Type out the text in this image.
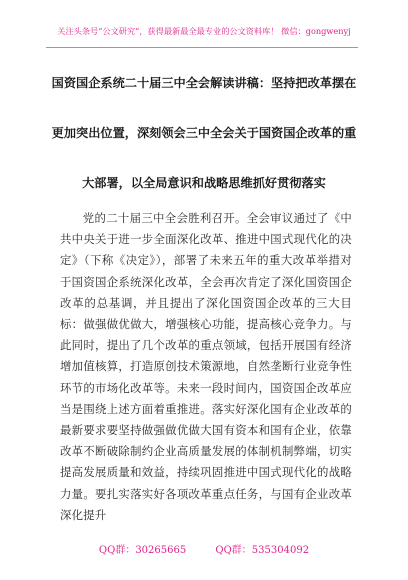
关注头条号“公文研究”，获得最新最全最专业的公文资料库！ 微信：gongwenyj
国资国企系统二十届三中全会解读讲稿：坚持把改革摆在
更加突出位置，深刻领会三中全会关于国资国企改革的重
大部署，以全局意识和战略思维抓好贯彻落实

党的二十届三中全会胜利召开。全会审议通过了《中共中央关于进一步全面深化改革、推进中国式现代化的决定》（下称《决定》），部署了未来五年的重大改革举措对于国资国企系统深化改革，全会再次肯定了深化国资国企改革的总基调，并且提出了深化国资国企改革的三大目标：做强做优做大，增强核心功能，提高核心竞争力。与此同时，提出了几个改革的重点领域，包括开展国有经济增加值核算，打造原创技术策源地，自然垄断行业竞争性环节的市场化改革等。未来一段时间内，国资国企改革应当是围绕上述方面着重推进。落实好深化国有企业改革的最新要求要坚持做强做优做大国有资本和国有企业，依靠改革不断破除制约企业高质量发展的体制机制弊端，切实提高发展质量和效益，持续巩固推进中国式现代化的战略力量。要扎实落实好各项改革重点任务，与国有企业改革深化提升

QQ群：30265665	QQ群：535304092
